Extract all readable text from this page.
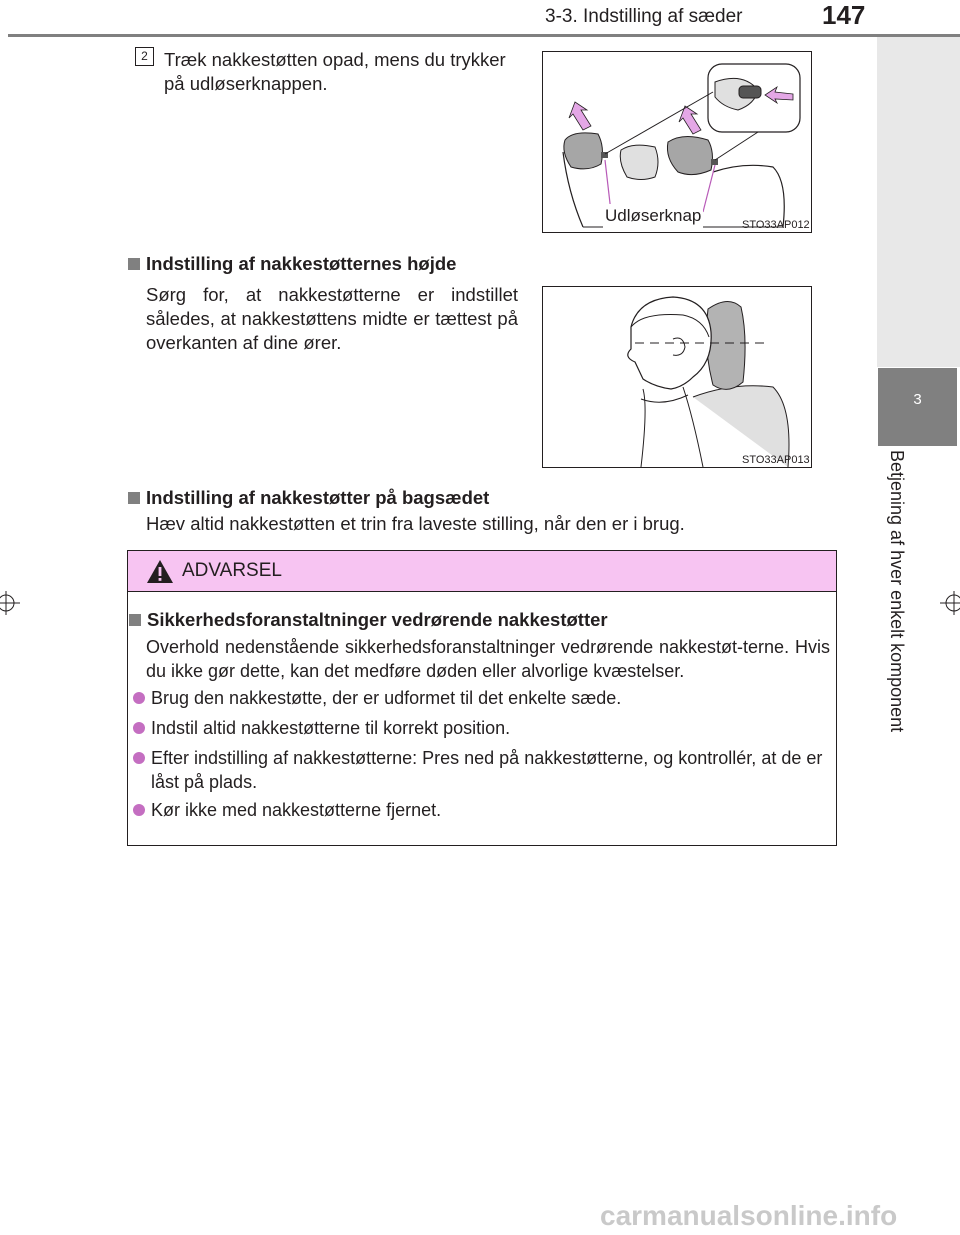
3-3. Indstilling af sæder	147
3
Betjening af hver enkelt komponent
2 Træk nakkestøtten opad, mens du trykker
på udløserknappen.
Udløserknap	STO33AP012
Indstilling af nakkestøtternes højde
Sørg for, at nakkestøtterne er indstillet således, at nakkestøttens midte er tættest på overkanten af dine ører.
STO33AP013
Indstilling af nakkestøtter på bagsædet
Hæv altid nakkestøtten et trin fra laveste stilling, når den er i brug.
ADVARSEL
Sikkerhedsforanstaltninger vedrørende nakkestøtter
Overhold nedenstående sikkerhedsforanstaltninger vedrørende nakkestøt-terne. Hvis du ikke gør dette, kan det medføre døden eller alvorlige kvæstelser.
Brug den nakkestøtte, der er udformet til det enkelte sæde.
Indstil altid nakkestøtterne til korrekt position.
Efter indstilling af nakkestøtterne: Pres ned på nakkestøtterne, og kontrollér, at de er låst på plads.
Kør ikke med nakkestøtterne fjernet.
carmanualsonline.info
